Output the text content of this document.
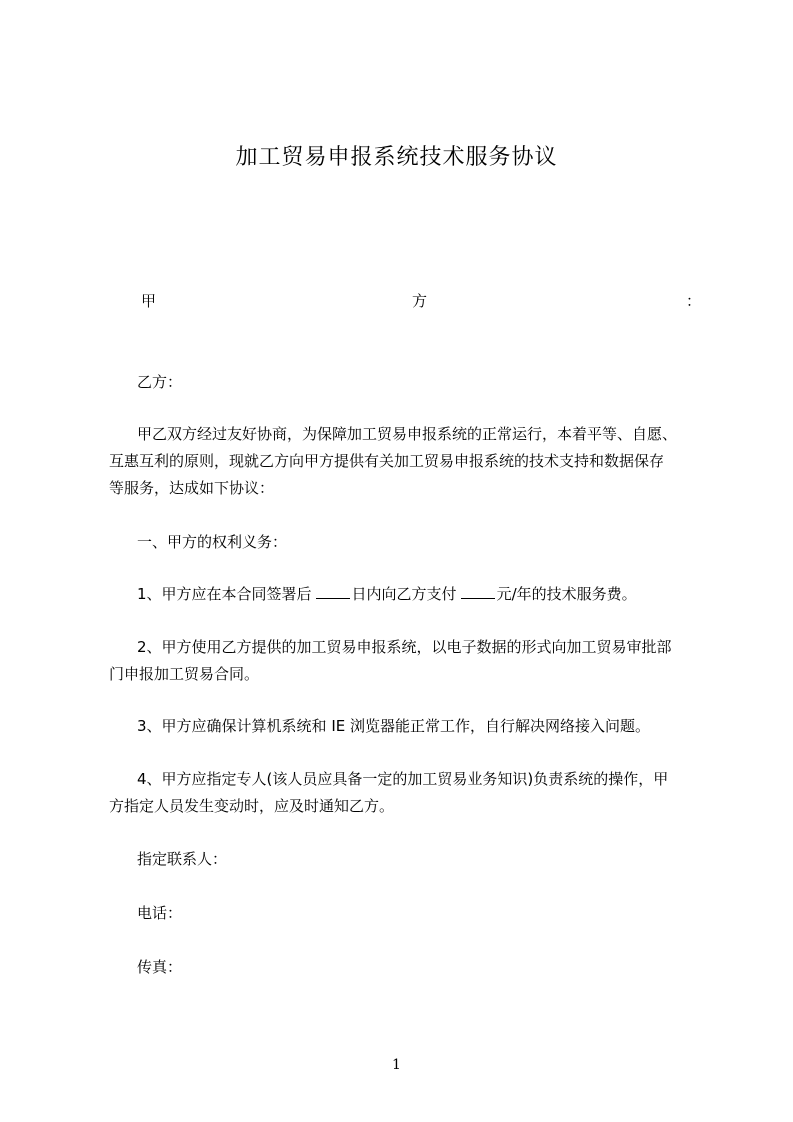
加工贸易申报系统技术服务协议
甲	方	：

乙方：

甲乙双方经过友好协商，为保障加工贸易申报系统的正常运行，本着平等、自愿、

互惠互利的原则，现就乙方向甲方提供有关加工贸易申报系统的技术支持和数据保存

等服务，达成如下协议：

一、甲方的权利义务：

1、甲方应在本合同签署后	日内向乙方支付	元/年的技术服务费。

2、甲方使用乙方提供的加工贸易申报系统，以电子数据的形式向加工贸易审批部

门申报加工贸易合同。

3、甲方应确保计算机系统和 IE 浏览器能正常工作，自行解决网络接入问题。

4、甲方应指定专人(该人员应具备一定的加工贸易业务知识)负责系统的操作，甲

方指定人员发生变动时，应及时通知乙方。

指定联系人：

电话：

传真：

1
